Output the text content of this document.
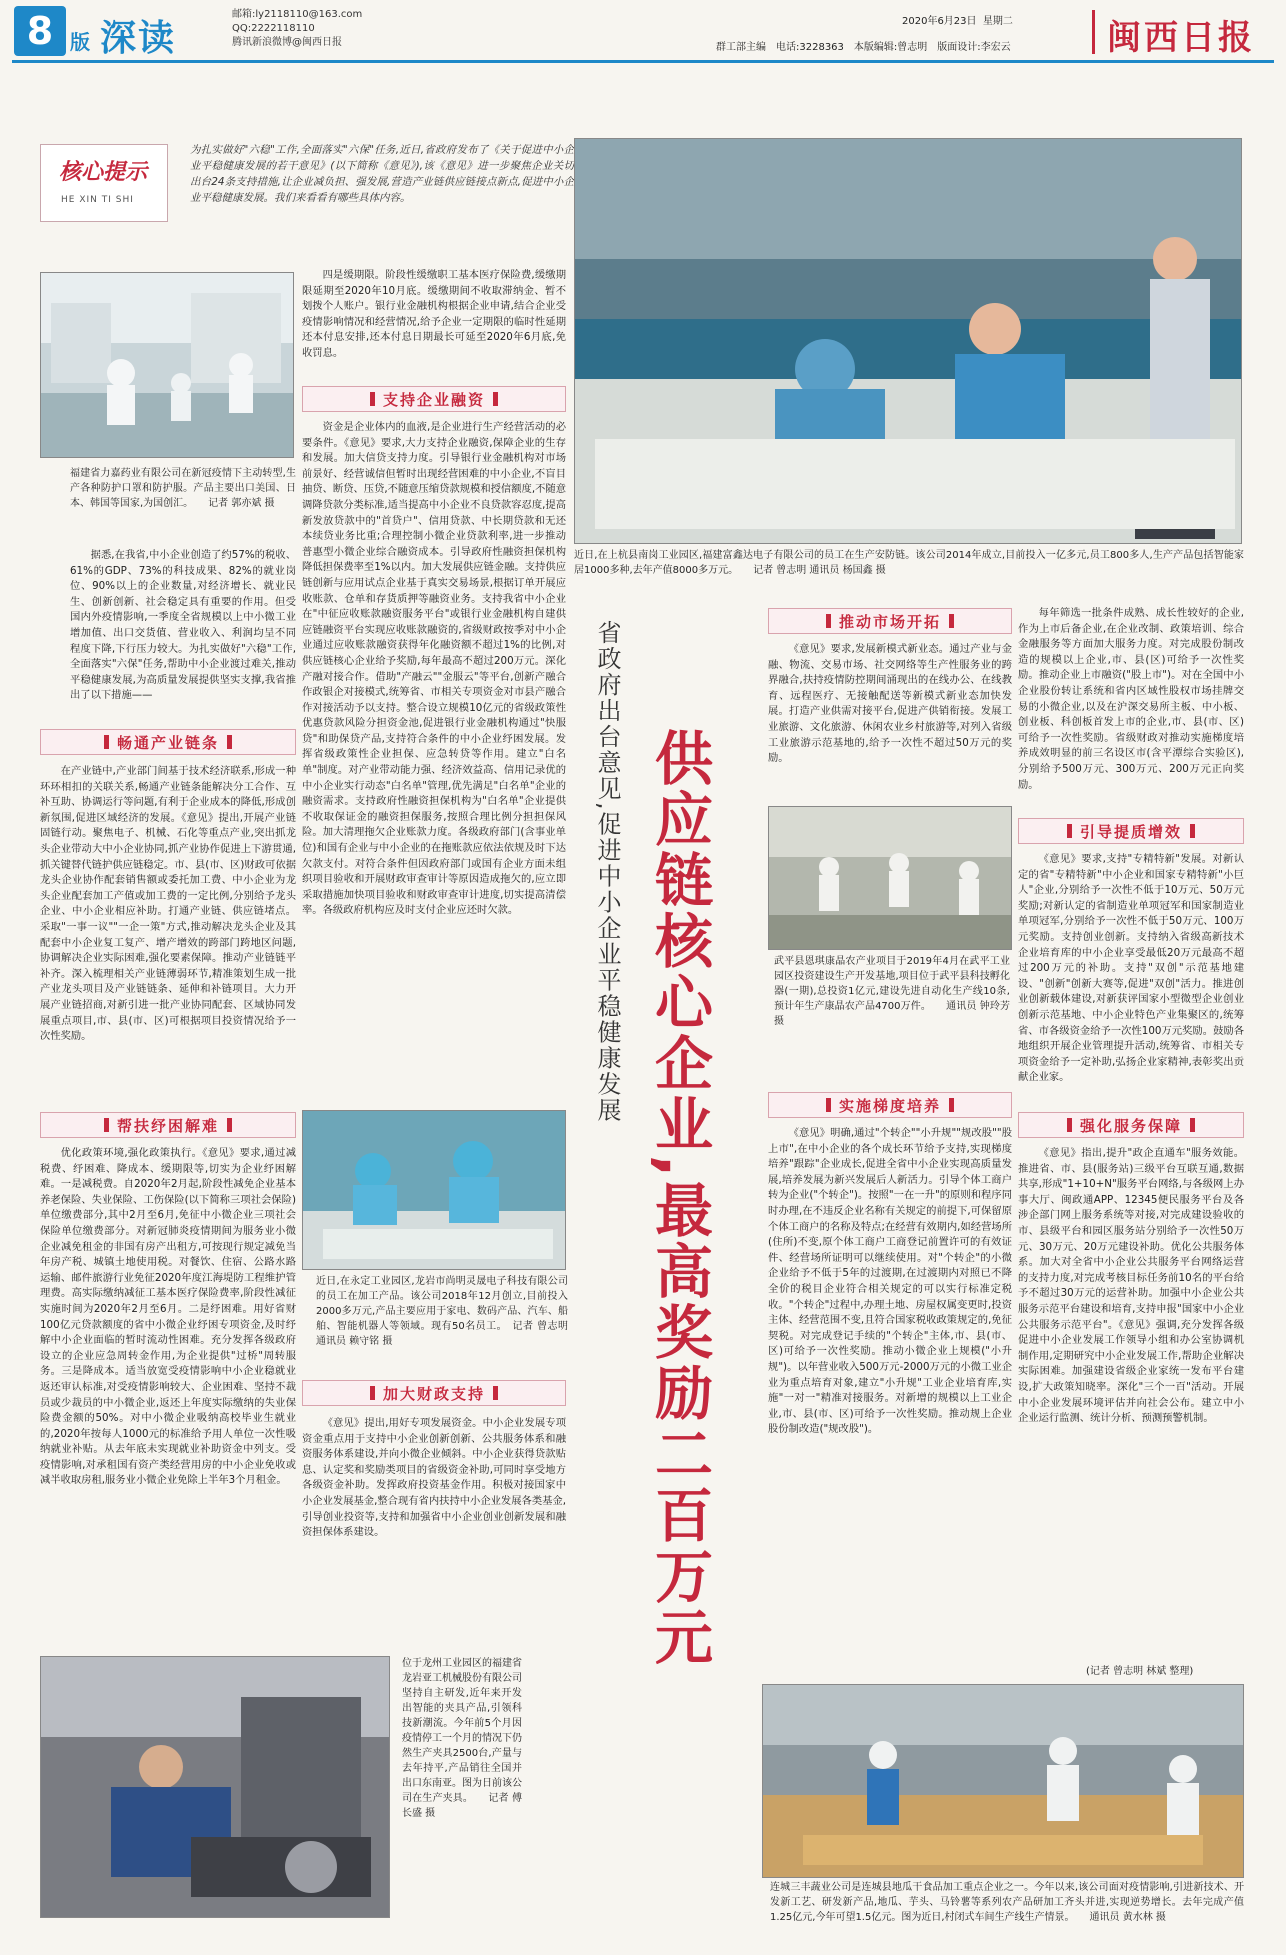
8 版 深读
邮箱:ly2118110@163.com
QQ:2222118110
腾讯新浪微博@闽西日报
2020年6月23日 星期二
群工部主编　电话:3228363　本版编辑:曾志明　版面设计:李宏云	闽西日报
核心提示
HE XIN TI SHI
为扎实做好"六稳"工作,全面落实"六保"任务,近日,省政府发布了《关于促进中小企业平稳健康发展的若干意见》(以下简称《意见》),该《意见》进一步聚焦企业关切出台24条支持措施,让企业减负担、强发展,营造产业链供应链接点新点,促进中小企业平稳健康发展。我们来看看有哪些具体内容。
福建省力嘉药业有限公司在新冠疫情下主动转型,生产各种防护口罩和防护服。产品主要出口美国、日本、韩国等国家,为国创汇。　　记者 郭亦斌 摄
近日,在上杭县南岗工业园区,福建富鑫达电子有限公司的员工在生产安防链。该公司2014年成立,目前投入一亿多元,员工800多人,生产产品包括智能家居1000多种,去年产值8000多万元。　　记者 曾志明 通讯员 杨国鑫 摄

据悉,在我省,中小企业创造了约57%的税收、61%的GDP、73%的科技成果、82%的就业岗位、90%以上的企业数量,对经济增长、就业民生、创新创新、社会稳定具有重要的作用。但受国内外疫情影响,一季度全省规模以上中小微工业增加值、出口交货值、营业收入、利润均呈不同程度下降,下行压力较大。为扎实做好"六稳"工作,全面落实"六保"任务,帮助中小企业渡过难关,推动平稳健康发展,为高质量发展提供坚实支撑,我省推出了以下措施——

畅通产业链条

在产业链中,产业部门间基于技术经济联系,形成一种环环相扣的关联关系,畅通产业链条能解决分工合作、互补互助、协调运行等问题,有利于企业成本的降低,形成创新氛围,促进区域经济的发展。《意见》提出,开展产业链固链行动。聚焦电子、机械、石化等重点产业,突出抓龙头企业带动大中小企业协同,抓产业协作促进上下游贯通,抓关键替代链护供应链稳定。市、县(市、区)财政可依据龙头企业协作配套销售额或委托加工费、中小企业为龙头企业配套加工产值或加工费的一定比例,分别给予龙头企业、中小企业相应补助。打通产业链、供应链堵点。采取"一事一议""一企一策"方式,推动解决龙头企业及其配套中小企业复工复产、增产增效的跨部门跨地区问题,协调解决企业实际困难,强化要素保障。推动产业链链平补齐。深入梳理相关产业链薄弱环节,精准策划生成一批产业龙头项目及产业链链条、延伸和补链项目。大力开展产业链招商,对新引进一批产业协同配套、区域协同发展重点项目,市、县(市、区)可根据项目投资情况给予一次性奖励。

帮扶纾困解难

优化政策环境,强化政策执行。《意见》要求,通过减税费、纾困难、降成本、缓期限等,切实为企业纾困解难。一是减税费。自2020年2月起,阶段性减免企业基本养老保险、失业保险、工伤保险(以下简称三项社会保险)单位缴费部分,其中2月至6月,免征中小微企业三项社会保险单位缴费部分。对新冠肺炎疫情期间为服务业小微企业减免租金的非国有房产出租方,可按现行规定减免当年房产税、城镇土地使用税。对餐饮、住宿、公路水路运输、邮件旅游行业免征2020年度江海堤防工程维护管理费。高实际缴纳减征工基本医疗保险费率,阶段性减征实施时间为2020年2月至6月。二是纾困难。用好省财100亿元贷款额度的省中小微企业纾困专项资金,及时纾解中小企业面临的暂时流动性困难。充分发挥各级政府设立的企业应急周转金作用,为企业提供"过桥"周转服务。三是降成本。适当放宽受疫情影响中小企业稳就业返还审认标准,对受疫情影响较大、企业困难、坚持不裁员或少裁员的中小微企业,返还上年度实际缴纳的失业保险费金额的50%。对中小微企业吸纳高校毕业生就业的,2020年按每人1000元的标准给予用人单位一次性吸纳就业补贴。从去年底未实现就业补助资金中列支。受疫情影响,对承租国有资产类经营用房的中小企业免收或减半收取房租,服务业小微企业免除上半年3个月租金。

位于龙州工业园区的福建省龙岩亚工机械股份有限公司坚持自主研发,近年来开发出智能的夹具产品,引领科技新潮流。今年前5个月因疫情停工一个月的情况下仍然生产夹具2500台,产量与去年持平,产品销往全国并出口东南亚。图为日前该公司在生产夹具。　　记者 傅长盛 摄

四是缓期限。阶段性缓缴职工基本医疗保险费,缓缴期限延期至2020年10月底。缓缴期间不收取滞纳金、暂不划拨个人账户。银行业金融机构根据企业申请,结合企业受疫情影响情况和经营情况,给予企业一定期限的临时性延期还本付息安排,还本付息日期最长可延至2020年6月底,免收罚息。

支持企业融资

资金是企业体内的血液,是企业进行生产经营活动的必要条件。《意见》要求,大力支持企业融资,保障企业的生存和发展。加大信贷支持力度。引导银行业金融机构对市场前景好、经营诚信但暂时出现经营困难的中小企业,不盲目抽贷、断贷、压贷,不随意压缩贷款规模和授信额度,不随意调降贷款分类标准,适当提高中小企业不良贷款容忍度,提高新发放贷款中的"首贷户"、信用贷款、中长期贷款和无还本续贷业务比重;合理控制小微企业贷款利率,进一步推动普惠型小微企业综合融资成本。引导政府性融资担保机构降低担保费率至1%以内。加大发展供应链金融。支持供应链创新与应用试点企业基于真实交易场景,根据订单开展应收账款、仓单和存货质押等融资业务。支持我省中小企业在"中征应收账款融资服务平台"或银行业金融机构自建供应链融资平台实现应收账款融资的,省级财政按季对中小企业通过应收账款融资获得年化融资额不超过1%的比例,对供应链核心企业给予奖励,每年最高不超过200万元。深化产融对接合作。借助"产融云""金服云"等平台,创新产融合作政银企对接模式,统筹省、市相关专项资金对市县产融合作对接活动予以支持。整合设立规模10亿元的省级政策性优惠贷款风险分担资金池,促进银行业金融机构通过"快服贷"和助保贷产品,支持符合条件的中小企业纾困发展。发挥省级政策性企业担保、应急转贷等作用。建立"白名单"制度。对产业带动能力强、经济效益高、信用记录优的中小企业实行动态"白名单"管理,优先满足"白名单"企业的融资需求。支持政府性融资担保机构为"白名单"企业提供不收取保证金的融资担保服务,按照合理比例分担担保风险。加大清理拖欠企业账款力度。各级政府部门(含事业单位)和国有企业与中小企业的在拖账款应依法依规及时下达欠款支付。对符合条件但因政府部门或国有企业方面未组织项目验收和开展财政审查审计等原因造成拖欠的,应立即采取措施加快项目验收和财政审查审计进度,切实提高清偿率。各级政府机构应及时支付企业应还时欠款。

近日,在永定工业园区,龙岩市尚明灵晟电子科技有限公司的员工在加工产品。该公司2018年12月创立,目前投入2000多万元,产品主要应用于家电、数码产品、汽车、船舶、智能机器人等领域。现有50名员工。　记者 曾志明 通讯员 赖守铭 摄
加大财政支持

《意见》提出,用好专项发展资金。中小企业发展专项资金重点用于支持中小企业创新创新、公共服务体系和融资服务体系建设,并向小微企业倾斜。中小企业获得贷款贴息、认定奖和奖励类项目的省级资金补助,可同时享受地方各级资金补助。发挥政府投资基金作用。积极对接国家中小企业发展基金,整合现有省内扶持中小企业发展各类基金,引导创业投资等,支持和加强省中小企业创业创新发展和融资担保体系建设。

省政府出台意见,促进中小企业平稳健康发展 供应链核心企业,最高奖励二百万元
推动市场开拓

《意见》要求,发展新模式新业态。通过产业与金融、物流、交易市场、社交网络等生产性服务业的跨界融合,扶持疫情防控期间涌现出的在线办公、在线教育、远程医疗、无接触配送等新模式新业态加快发展。打造产业供需对接平台,促进产供销衔接。发展工业旅游、文化旅游、休闲农业乡村旅游等,对列入省级工业旅游示范基地的,给予一次性不超过50万元的奖励。

武平县恩琪康晶农产业项目于2019年4月在武平工业园区投资建设生产开发基地,项目位于武平县科技孵化器(一期),总投资1亿元,建设先进自动化生产线10条,预计年生产康晶农产品4700万件。　　通讯员 钟玲芳 摄
实施梯度培养

《意见》明确,通过"个转企""小升规""规改股""股上市",在中小企业的各个成长环节给予支持,实现梯度培养"跟踪"企业成长,促进全省中小企业实现高质量发展,培养发展为新兴发展后人新活力。引导个体工商户转为企业("个转企")。按照"一在一升"的原则和程序同时办理,在不违反企业名称有关规定的前提下,可保留原个体工商户的名称及特点;在经营有效期内,如经营场所(住所)不变,原个体工商户工商登记前置许可的有效证件、经营场所证明可以继续使用。对"个转企"的小微企业给予不低于5年的过渡期,在过渡期内对照已不降全价的税目企业符合相关规定的可以实行标准定税收。"个转企"过程中,办理土地、房屋权属变更时,投资主体、经营范围不变,且符合国家税收政策规定的,免征契税。对完成登记手续的"个转企"主体,市、县(市、区)可给予一次性奖励。推动小微企业上规模("小升规")。以年营业收入500万元-2000万元的小微工业企业为重点培育对象,建立"小升规"工业企业培育库,实施"一对一"精准对接服务。对新增的规模以上工业企业,市、县(市、区)可给予一次性奖励。推动规上企业股份制改造("规改股")。

每年筛选一批条件成熟、成长性较好的企业,作为上市后备企业,在企业改制、政策培训、综合金融服务等方面加大服务力度。对完成股份制改造的规模以上企业,市、县(区)可给予一次性奖励。推动企业上市融资("股上市")。对在全国中小企业股份转让系统和省内区域性股权市场挂牌交易的小微企业,以及在沪深交易所主板、中小板、创业板、科创板首发上市的企业,市、县(市、区)可给予一次性奖励。省级财政对推动实施梯度培养成效明显的前三名设区市(含平潭综合实验区),分别给予500万元、300万元、200万元正向奖励。

引导提质增效

《意见》要求,支持"专精特新"发展。对新认定的省"专精特新"中小企业和国家专精特新"小巨人"企业,分别给予一次性不低于10万元、50万元奖励;对新认定的省制造业单项冠军和国家制造业单项冠军,分别给予一次性不低于50万元、100万元奖励。支持创业创新。支持纳入省级高新技术企业培育库的中小企业享受最低20万元最高不超过200万元的补助。支持"双创"示范基地建设、"创新"创新大赛等,促进"双创"活力。推进创业创新载体建设,对新获评国家小型微型企业创业创新示范基地、中小企业特色产业集聚区的,统筹省、市各级资金给予一次性100万元奖励。鼓励各地组织开展企业管理提升活动,统筹省、市相关专项资金给予一定补助,弘扬企业家精神,表彰奖出贡献企业家。

强化服务保障

《意见》指出,提升"政企直通车"服务效能。推进省、市、县(服务站)三级平台互联互通,数据共享,形成"1+10+N"服务平台网络,与各级网上办事大厅、闽政通APP、12345便民服务平台及各涉企部门网上服务系统等对接,对完成建设验收的市、县级平台和园区服务站分别给予一次性50万元、30万元、20万元建设补助。优化公共服务体系。加大对全省中小企业公共服务平台网络运营的支持力度,对完成考核目标任务前10名的平台给予不超过30万元的运营补助。加强中小企业公共服务示范平台建设和培育,支持申报"国家中小企业公共服务示范平台"。《意见》强调,充分发挥各级促进中小企业发展工作领导小组和办公室协调机制作用,定期研究中小企业发展工作,帮助企业解决实际困难。加强建设省级企业家统一发布平台建设,扩大政策知晓率。深化"三个一百"活动。开展中小企业发展环境评估并向社会公布。建立中小企业运行监测、统计分析、预测预警机制。

(记者 曾志明 林斌 整理)
连城三丰蔬业公司是连城县地瓜干食品加工重点企业之一。今年以来,该公司面对疫情影响,引进新技术、开发新工艺、研发新产品,地瓜、芋头、马铃薯等系列农产品研加工齐头并进,实现逆势增长。去年完成产值1.25亿元,今年可望1.5亿元。图为近日,村闭式车间生产线生产情景。　　通讯员 黄水林 摄
